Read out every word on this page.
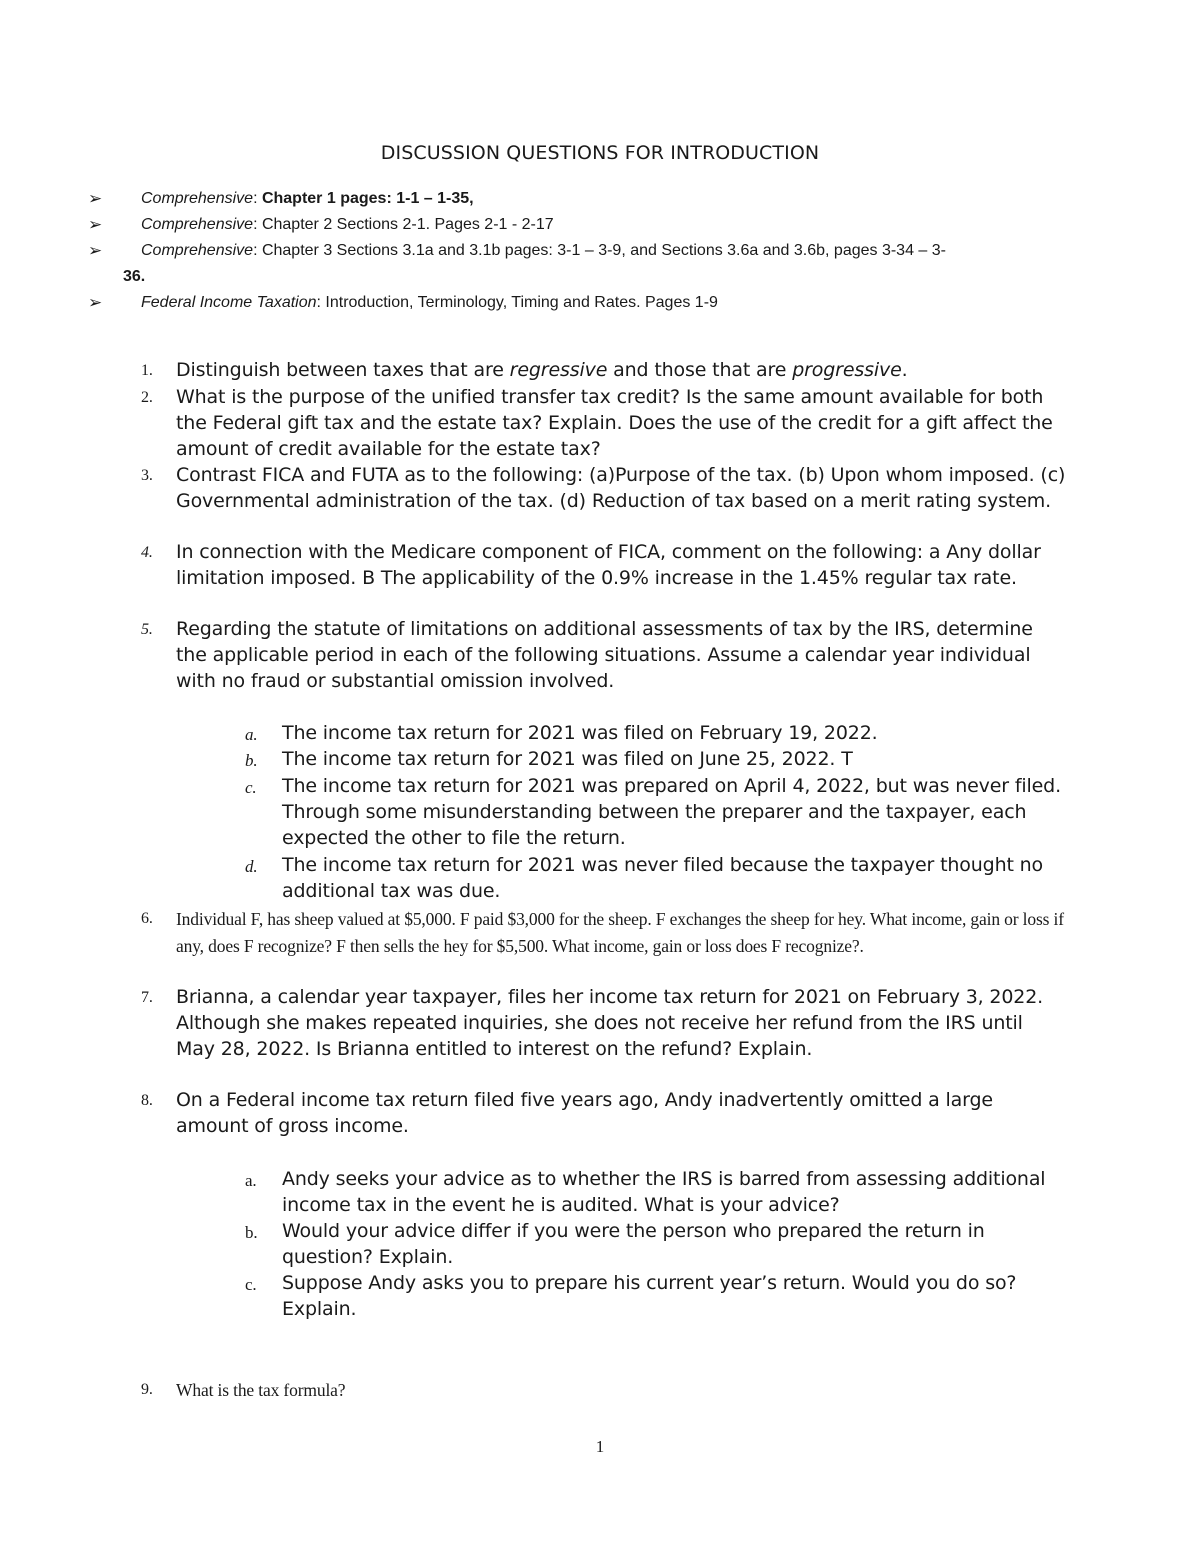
DISCUSSION QUESTIONS FOR INTRODUCTION
➢ Comprehensive: Chapter 1 pages: 1-1 – 1-35,
➢ Comprehensive: Chapter 2 Sections 2-1. Pages 2-1 - 2-17
➢ Comprehensive: Chapter 3 Sections 3.1a and 3.1b pages: 3-1 – 3-9, and Sections 3.6a and 3.6b, pages 3-34 – 3-
36.
➢ Federal Income Taxation: Introduction, Terminology, Timing and Rates. Pages 1-9
1. Distinguish between taxes that are regressive and those that are progressive.
2. What is the purpose of the unified transfer tax credit? Is the same amount available for both the Federal gift tax and the estate tax? Explain. Does the use of the credit for a gift affect the amount of credit available for the estate tax?
3. Contrast FICA and FUTA as to the following: (a)Purpose of the tax. (b) Upon whom imposed. (c) Governmental administration of the tax. (d) Reduction of tax based on a merit rating system.
4. In connection with the Medicare component of FICA, comment on the following: a Any dollar limitation imposed. B The applicability of the 0.9% increase in the 1.45% regular tax rate.
5. Regarding the statute of limitations on additional assessments of tax by the IRS, determine the applicable period in each of the following situations. Assume a calendar year individual with no fraud or substantial omission involved.
a. The income tax return for 2021 was filed on February 19, 2022.
b. The income tax return for 2021 was filed on June 25, 2022. T
c. The income tax return for 2021 was prepared on April 4, 2022, but was never filed. Through some misunderstanding between the preparer and the taxpayer, each expected the other to file the return.
d. The income tax return for 2021 was never filed because the taxpayer thought no additional tax was due.
6. Individual F, has sheep valued at $5,000. F paid $3,000 for the sheep. F exchanges the sheep for hey. What income, gain or loss if any, does F recognize? F then sells the hey for $5,500. What income, gain or loss does F recognize?.
7. Brianna, a calendar year taxpayer, files her income tax return for 2021 on February 3, 2022. Although she makes repeated inquiries, she does not receive her refund from the IRS until May 28, 2022. Is Brianna entitled to interest on the refund? Explain.
8. On a Federal income tax return filed five years ago, Andy inadvertently omitted a large amount of gross income.
a. Andy seeks your advice as to whether the IRS is barred from assessing additional income tax in the event he is audited. What is your advice?
b. Would your advice differ if you were the person who prepared the return in question? Explain.
c. Suppose Andy asks you to prepare his current year’s return. Would you do so? Explain.
9. What is the tax formula?
1
